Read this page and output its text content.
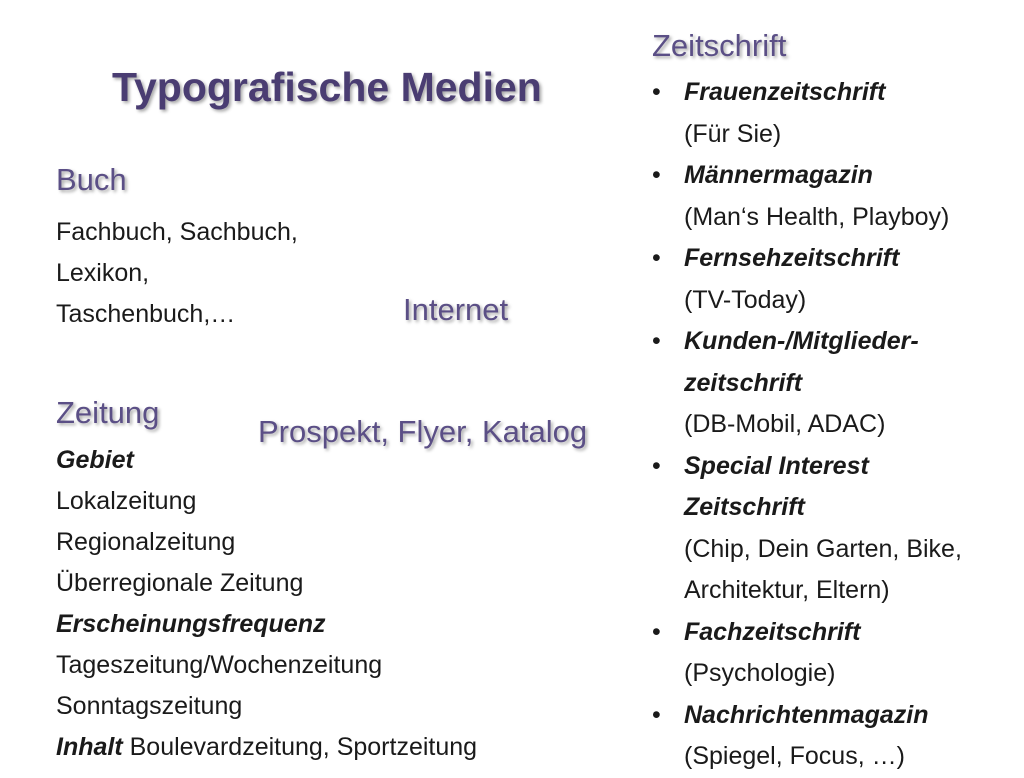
Typografische Medien
Buch
Fachbuch, Sachbuch,
Lexikon,
Taschenbuch,…	Internet
Prospekt, Flyer, Katalog
Zeitung
Gebiet
Lokalzeitung
Regionalzeitung
Überregionale Zeitung
Erscheinungsfrequenz
Tageszeitung/Wochenzeitung
Sonntagszeitung
Inhalt Boulevardzeitung, Sportzeitung
Zeitschrift
• Frauenzeitschrift
(Für Sie)
• Männermagazin
(Man‘s Health, Playboy)
• Fernsehzeitschrift
(TV-Today)
• Kunden-/Mitglieder-
zeitschrift
(DB-Mobil, ADAC)
• Special Interest
Zeitschrift
(Chip, Dein Garten, Bike,
Architektur, Eltern)
• Fachzeitschrift
(Psychologie)
• Nachrichtenmagazin
(Spiegel, Focus, …)
